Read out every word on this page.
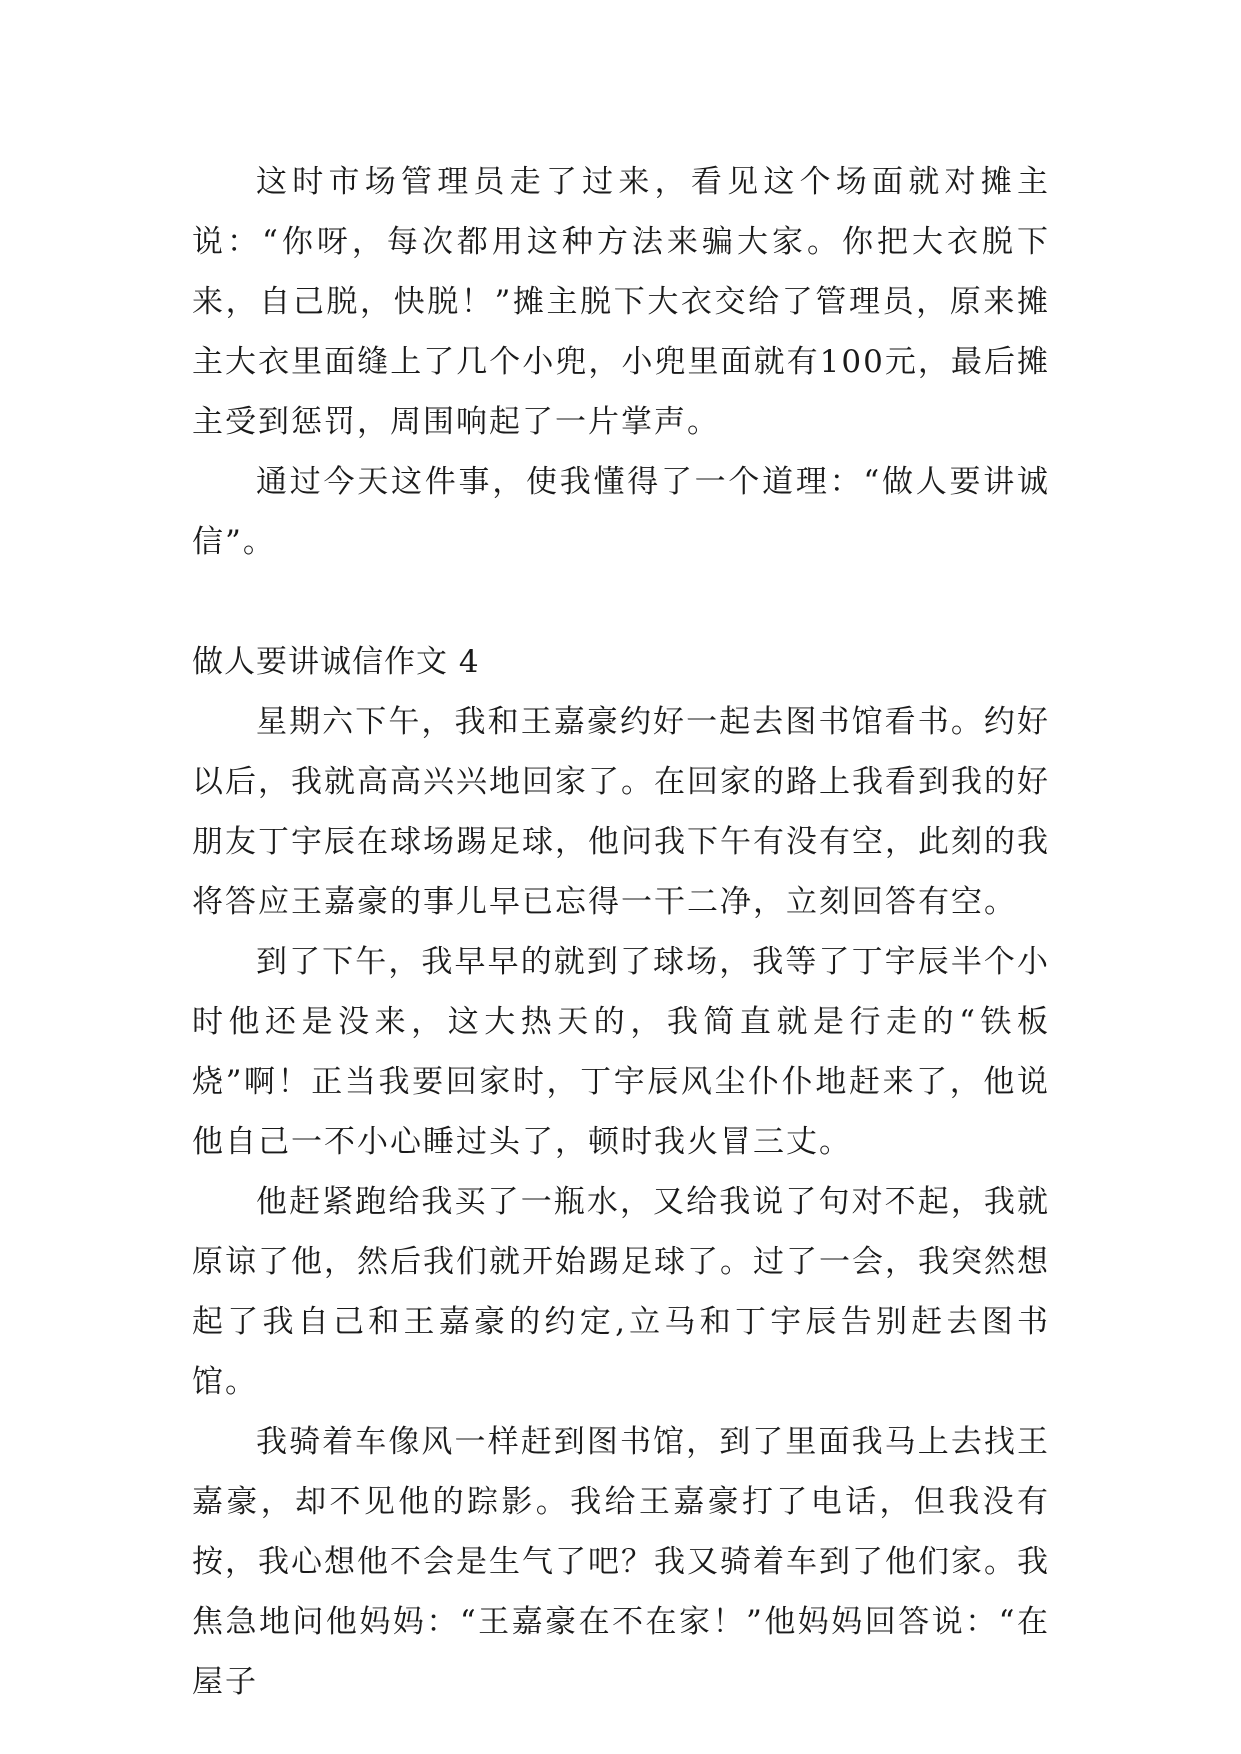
这时市场管理员走了过来，看见这个场面就对摊主说：“你呀，每次都用这种方法来骗大家。你把大衣脱下来，自己脱，快脱！”摊主脱下大衣交给了管理员，原来摊主大衣里面缝上了几个小兜，小兜里面就有100元，最后摊主受到惩罚，周围响起了一片掌声。

通过今天这件事，使我懂得了一个道理：“做人要讲诚信”。

做人要讲诚信作文 4

星期六下午，我和王嘉豪约好一起去图书馆看书。约好以后，我就高高兴兴地回家了。在回家的路上我看到我的好朋友丁宇辰在球场踢足球，他问我下午有没有空，此刻的我将答应王嘉豪的事儿早已忘得一干二净，立刻回答有空。

到了下午，我早早的就到了球场，我等了丁宇辰半个小时他还是没来，这大热天的，我简直就是行走的“铁板烧”啊！正当我要回家时，丁宇辰风尘仆仆地赶来了，他说他自己一不小心睡过头了，顿时我火冒三丈。

他赶紧跑给我买了一瓶水，又给我说了句对不起，我就原谅了他，然后我们就开始踢足球了。过了一会，我突然想起了我自己和王嘉豪的约定,立马和丁宇辰告别赶去图书馆。

我骑着车像风一样赶到图书馆，到了里面我马上去找王嘉豪，却不见他的踪影。我给王嘉豪打了电话，但我没有按，我心想他不会是生气了吧？我又骑着车到了他们家。我焦急地问他妈妈：“王嘉豪在不在家！”他妈妈回答说：“在屋子
